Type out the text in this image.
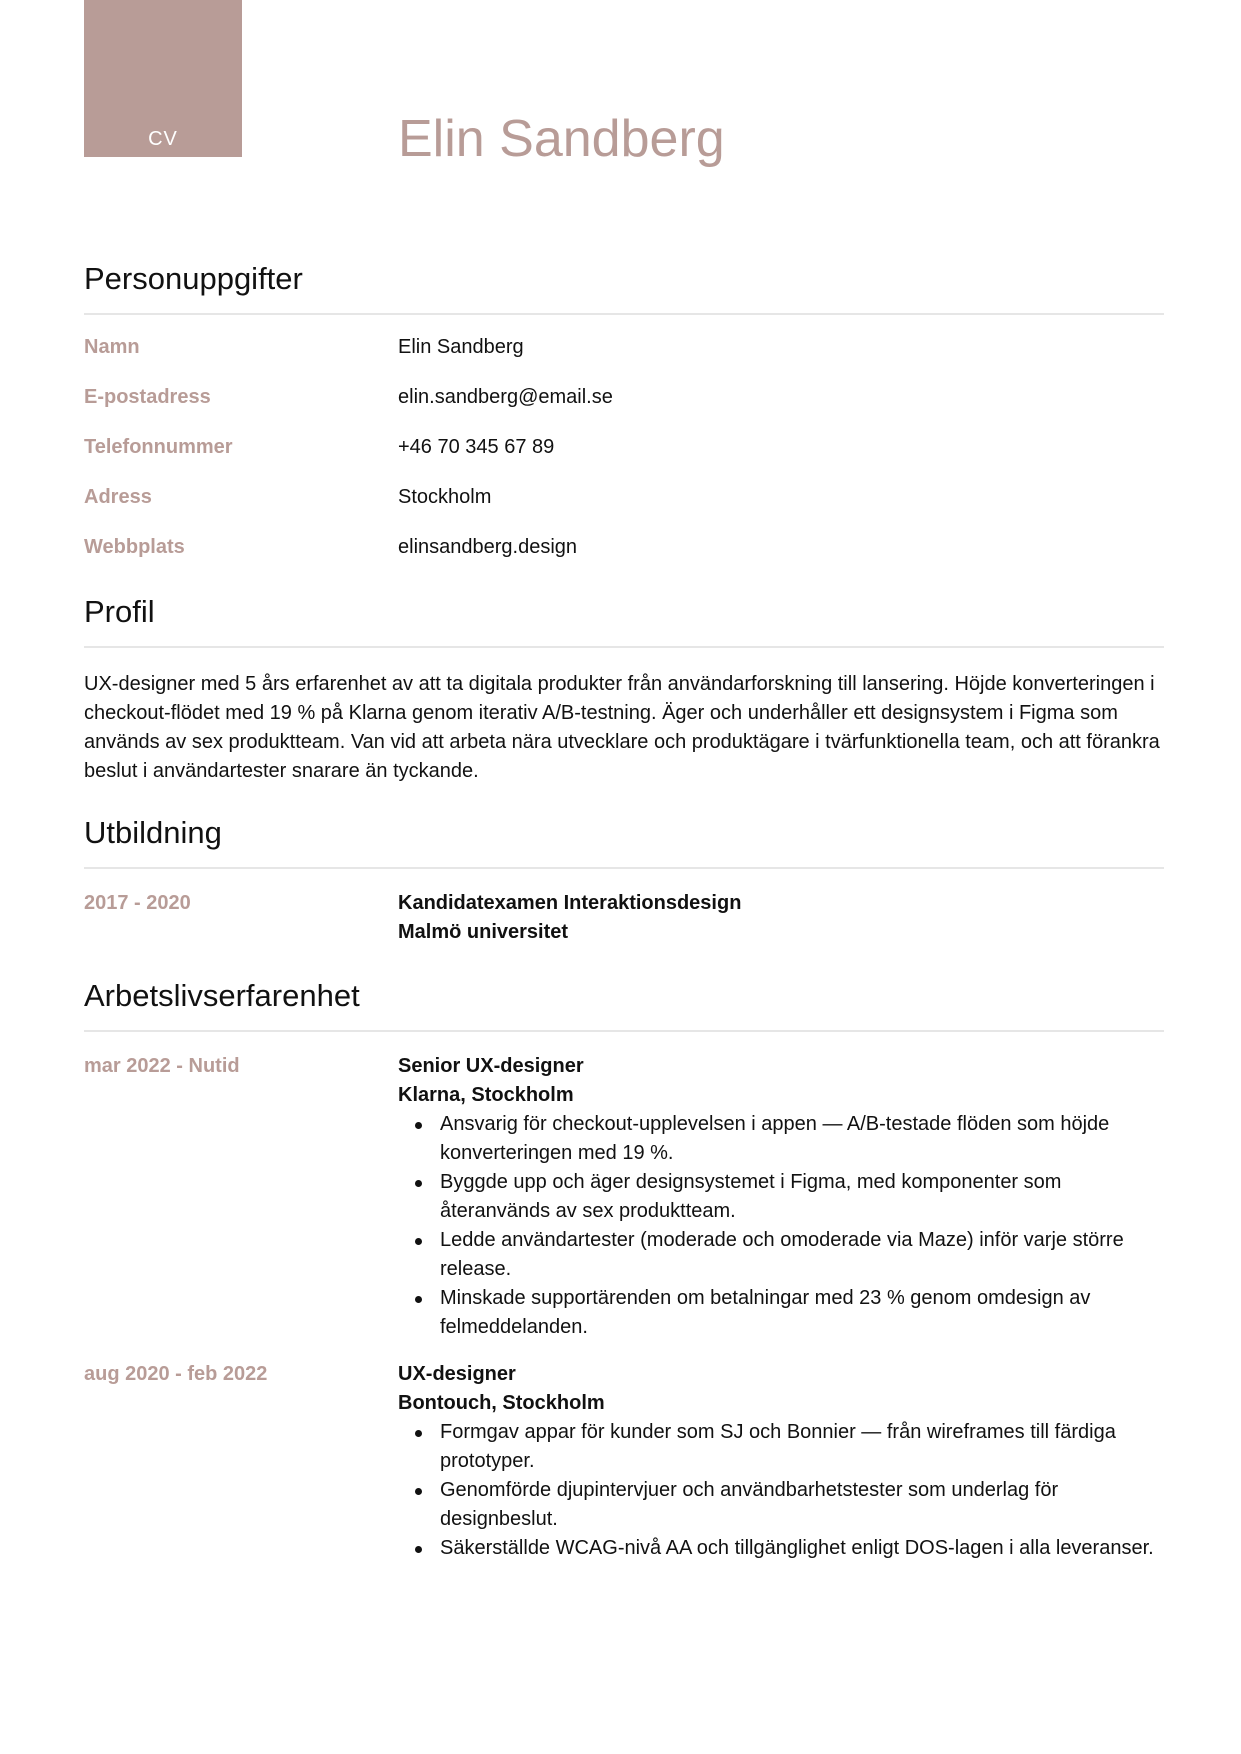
CV	Elin Sandberg
Personuppgifter
Namn	Elin Sandberg
E-postadress	elin.sandberg@email.se
Telefonnummer	+46 70 345 67 89
Adress	Stockholm
Webbplats	elinsandberg.design
Profil

UX-designer med 5 års erfarenhet av att ta digitala produkter från användarforskning till lansering. Höjde konverteringen i checkout-flödet med 19 % på Klarna genom iterativ A/B-testning. Äger och underhåller ett designsystem i Figma som används av sex produktteam. Van vid att arbeta nära utvecklare och produktägare i tvärfunktionella team, och att förankra beslut i användartester snarare än tyckande.

Utbildning
2017 - 2020	Kandidatexamen Interaktionsdesign
Malmö universitet
Arbetslivserfarenhet
mar 2022 - Nutid	Senior UX-designer
Klarna, Stockholm
Ansvarig för checkout-upplevelsen i appen — A/B-testade flöden som höjde konverteringen med 19 %.
Byggde upp och äger designsystemet i Figma, med komponenter som återanvänds av sex produktteam.
Ledde användartester (moderade och omoderade via Maze) inför varje större release.
Minskade supportärenden om betalningar med 23 % genom omdesign av felmeddelanden.
aug 2020 - feb 2022	UX-designer
Bontouch, Stockholm
Formgav appar för kunder som SJ och Bonnier — från wireframes till färdiga prototyper.
Genomförde djupintervjuer och användbarhetstester som underlag för designbeslut.
Säkerställde WCAG-nivå AA och tillgänglighet enligt DOS-lagen i alla leveranser.
